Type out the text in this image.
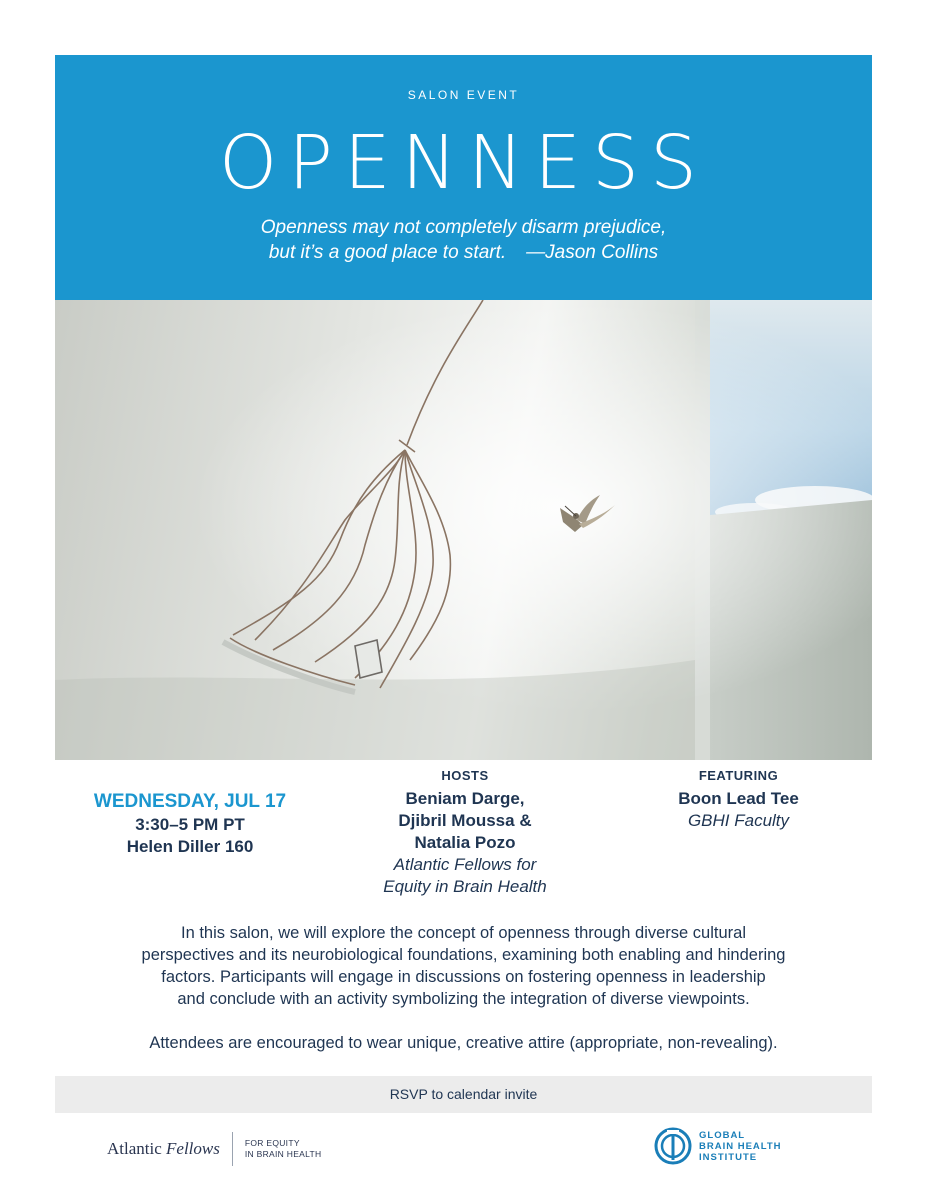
SALON EVENT
OPENNESS
Openness may not completely disarm prejudice,
but it’s a good place to start. —Jason Collins
WEDNESDAY, JUL 17
3:30–5 PM PT
Helen Diller 160
HOSTS
Beniam Darge,
Djibril Moussa &
Natalia Pozo
Atlantic Fellows for
Equity in Brain Health
FEATURING
Boon Lead Tee
GBHI Faculty

In this salon, we will explore the concept of openness through diverse cultural

perspectives and its neurobiological foundations, examining both enabling and hindering

factors. Participants will engage in discussions on fostering openness in leadership

and conclude with an activity symbolizing the integration of diverse viewpoints.

Attendees are encouraged to wear unique, creative attire (appropriate, non-revealing).

RSVP to calendar invite
Atlantic Fellows	FOR EQUITY
IN BRAIN HEALTH
GLOBAL
BRAIN HEALTH
INSTITUTE
